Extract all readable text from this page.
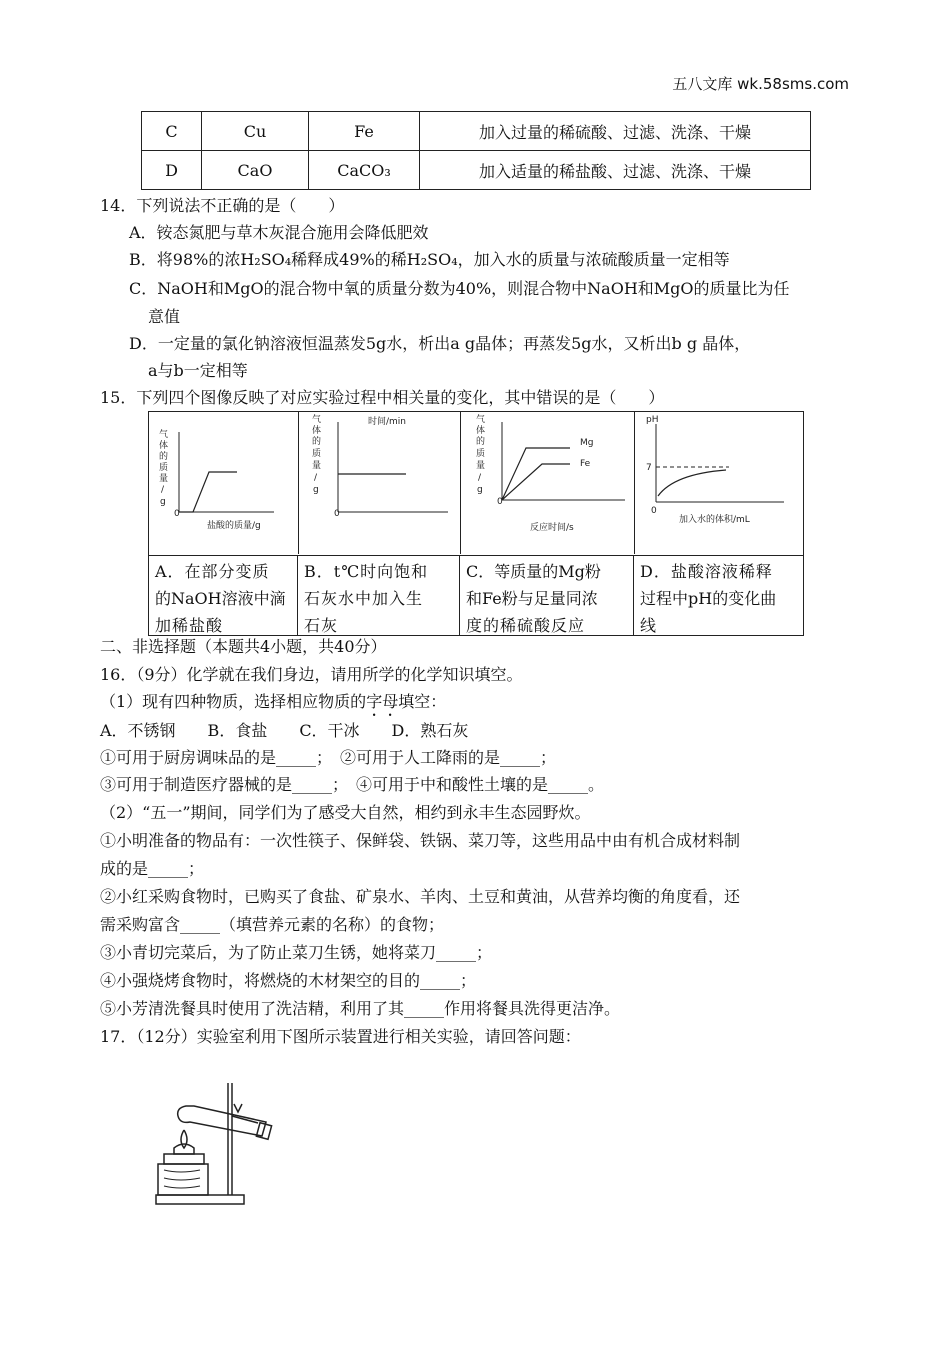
五八文库 wk.58sms.com
C	Cu	Fe	加入过量的稀硫酸、过滤、洗涤、干燥
D	CaO	CaCO₃	加入适量的稀盐酸、过滤、洗涤、干燥
14．下列说法不正确的是（　　）
A．铵态氮肥与草木灰混合施用会降低肥效
B．将98%的浓H₂SO₄稀释成49%的稀H₂SO₄，加入水的质量与浓硫酸质量一定相等
C．NaOH和MgO的混合物中氧的质量分数为40%，则混合物中NaOH和MgO的质量比为任
意值
D．一定量的氯化钠溶液恒温蒸发5g水，析出a g晶体；再蒸发5g水，又析出b g 晶体，
a与b一定相等
15．下列四个图像反映了对应实验过程中相关量的变化，其中错误的是（　　）
气
体
的
质
量
/
g
0
盐酸的质量/g
气
体
的
质
量
/
g
0
时间/min	气
体
的
质
量
/
g
0
反应时间/s
Mg
Fe
pH
7
0
加入水的体积/mL
A．在部分变质
的NaOH溶液中滴
加稀盐酸
B．t℃时向饱和
石灰水中加入生
石灰
C．等质量的Mg粉
和Fe粉与足量同浓
度的稀硫酸反应
D．盐酸溶液稀释
过程中pH的变化曲
线
二、非选择题（本题共4小题，共40分）
16．（9分）化学就在我们身边，请用所学的化学知识填空。
（1）现有四种物质，选择相应物质的字母填空：
A．不锈钢　　B．食盐　　C．干冰　　D．熟石灰
①可用于厨房调味品的是_____；　②可用于人工降雨的是_____；
③可用于制造医疗器械的是_____；　④可用于中和酸性土壤的是_____。
（2）“五一”期间，同学们为了感受大自然，相约到永丰生态园野炊。
①小明准备的物品有：一次性筷子、保鲜袋、铁锅、菜刀等，这些用品中由有机合成材料制
成的是_____；
②小红采购食物时，已购买了食盐、矿泉水、羊肉、土豆和黄油，从营养均衡的角度看，还
需采购富含_____（填营养元素的名称）的食物；
③小青切完菜后，为了防止菜刀生锈，她将菜刀_____；
④小强烧烤食物时，将燃烧的木材架空的目的_____；
⑤小芳清洗餐具时使用了洗洁精，利用了其_____作用将餐具洗得更洁净。
17．（12分）实验室利用下图所示装置进行相关实验，请回答问题：
